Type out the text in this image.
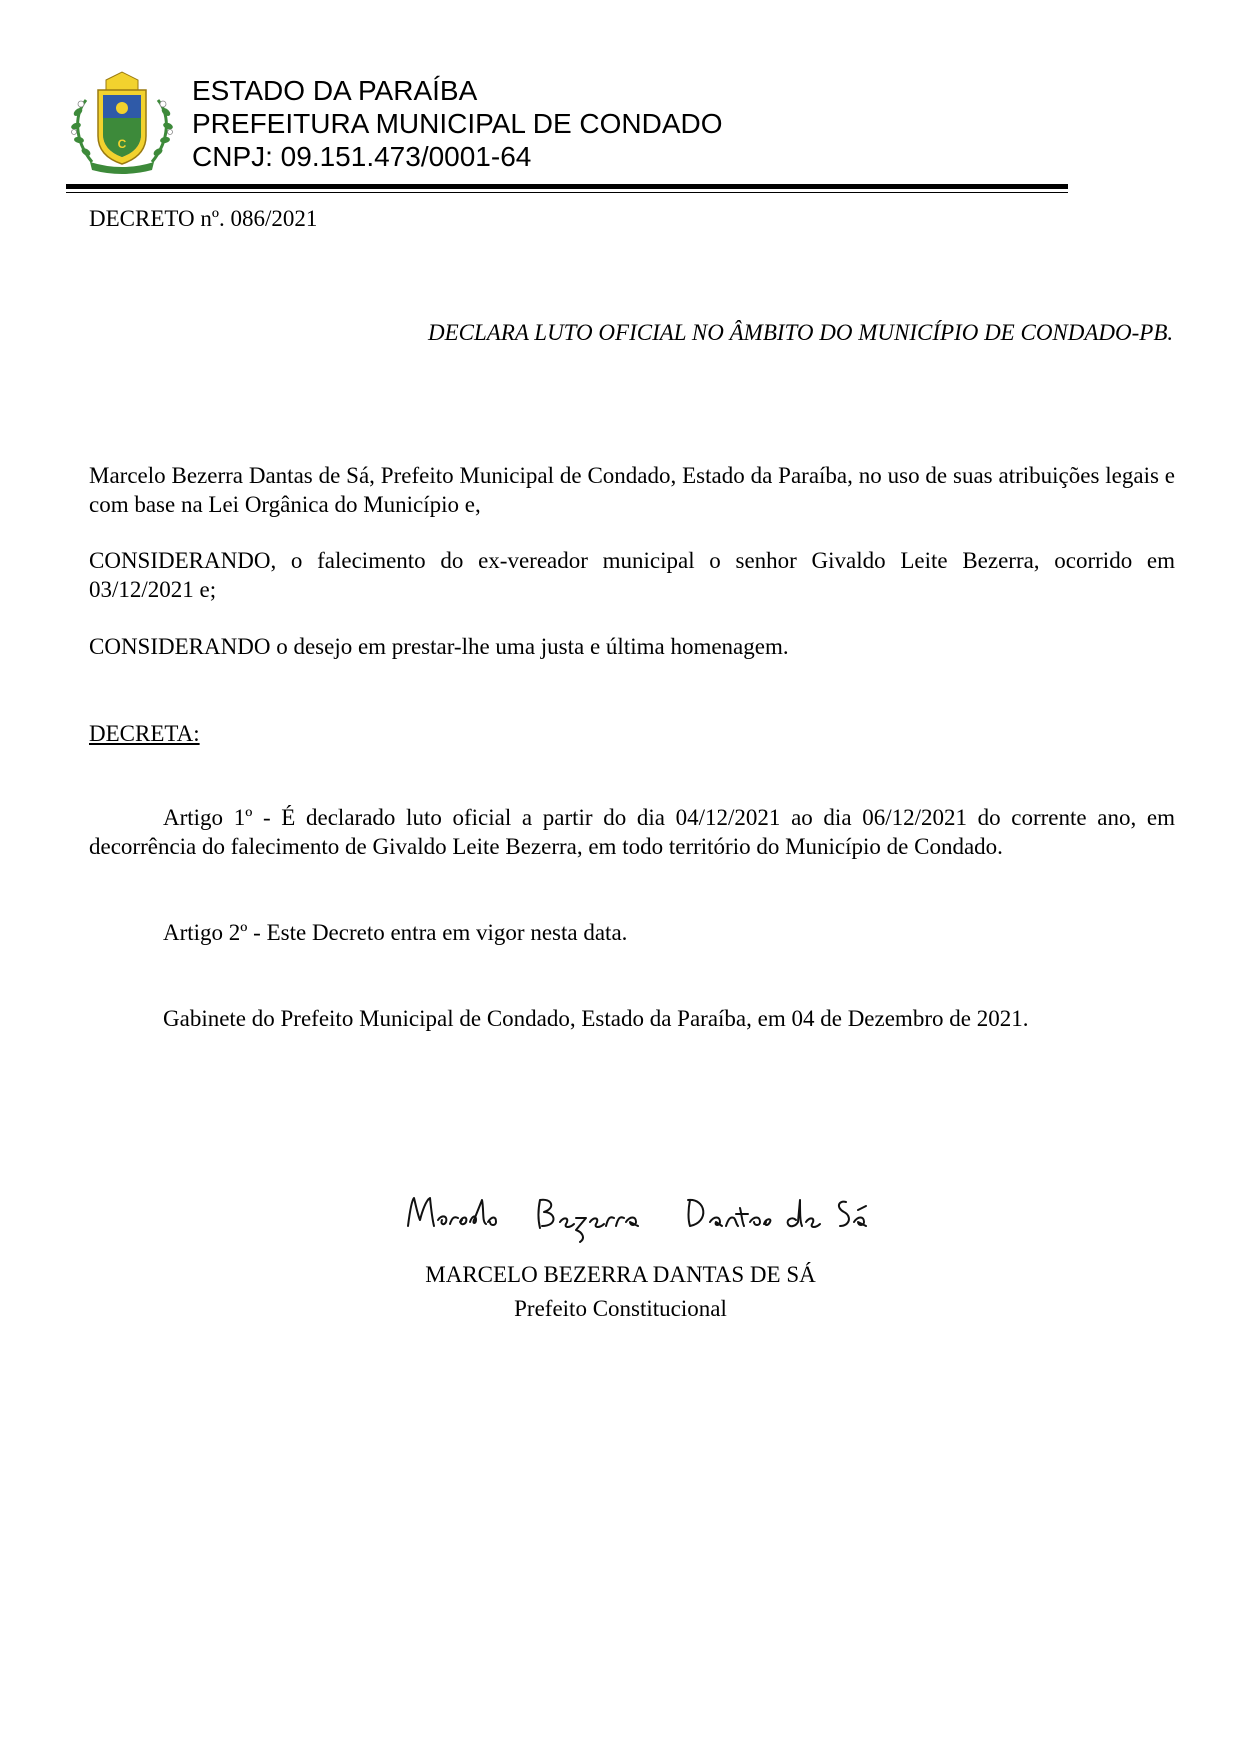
C
ESTADO DA PARAÍBA
PREFEITURA MUNICIPAL DE CONDADO
CNPJ: 09.151.473/0001-64
DECRETO nº. 086/2021
DECLARA LUTO OFICIAL NO ÂMBITO DO MUNICÍPIO DE CONDADO-PB.
Marcelo Bezerra Dantas de Sá, Prefeito Municipal de Condado, Estado da Paraíba, no uso de suas atribuições legais e com base na Lei Orgânica do Município e,
CONSIDERANDO, o falecimento do ex-vereador municipal o senhor Givaldo Leite Bezerra, ocorrido em 03/12/2021 e;
CONSIDERANDO o desejo em prestar-lhe uma justa e última homenagem.
DECRETA:
Artigo 1º - É declarado luto oficial a partir do dia 04/12/2021 ao dia 06/12/2021 do corrente ano, em decorrência do falecimento de Givaldo Leite Bezerra, em todo território do Município de Condado.
Artigo 2º - Este Decreto entra em vigor nesta data.
Gabinete do Prefeito Municipal de Condado, Estado da Paraíba, em 04 de Dezembro de 2021.
MARCELO BEZERRA DANTAS DE SÁ
Prefeito Constitucional
